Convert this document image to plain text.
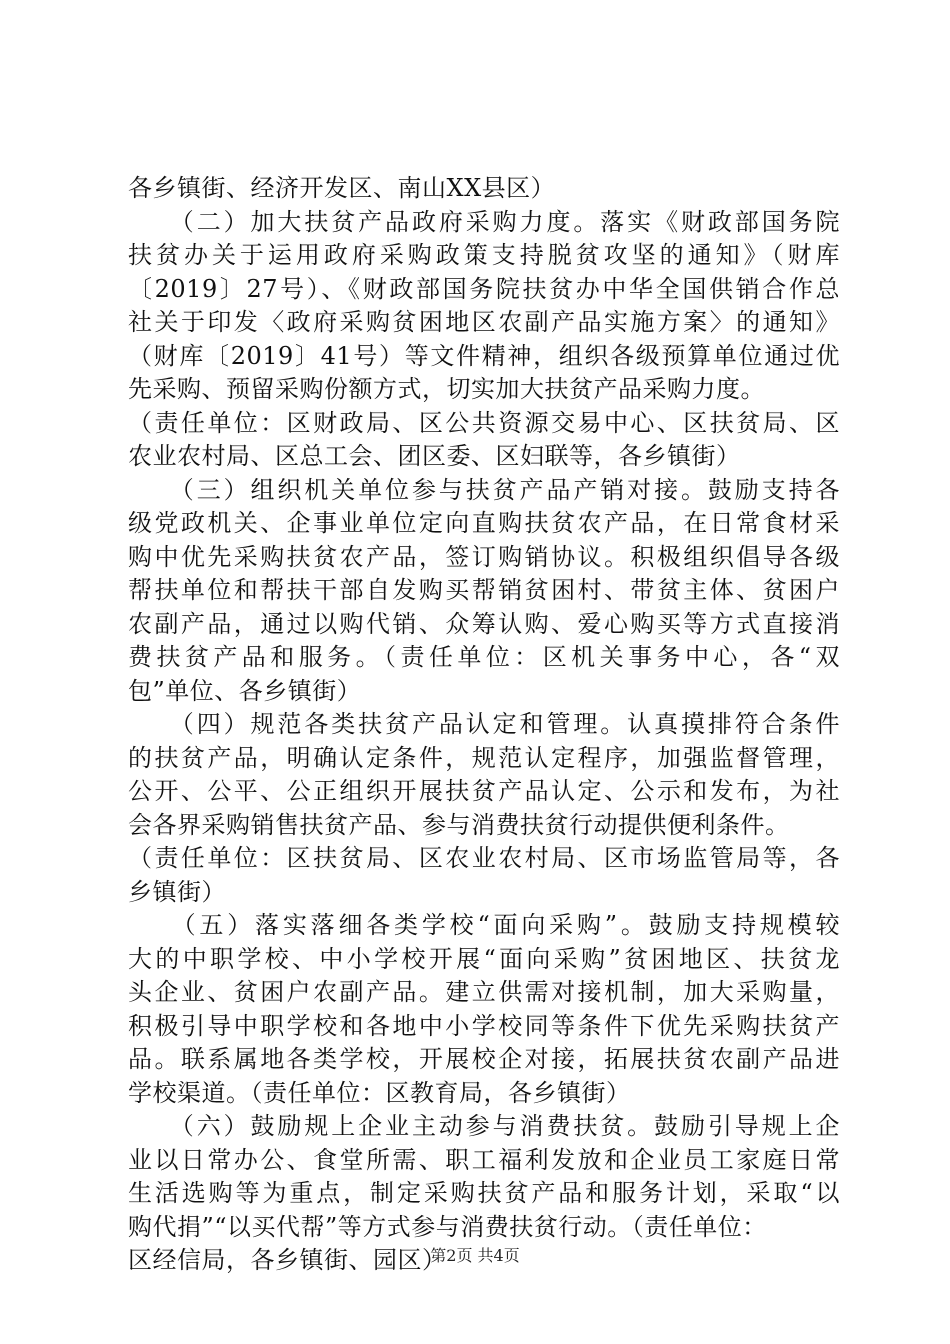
各乡镇街、经济开发区、南山XX县区）
　　（二）加大扶贫产品政府采购力度。落实《财政部国务院
扶贫办关于运用政府采购政策支持脱贫攻坚的通知》（财库
〔2019〕27号）、《财政部国务院扶贫办中华全国供销合作总
社关于印发〈政府采购贫困地区农副产品实施方案〉的通知》
（财库〔2019〕41号）等文件精神，组织各级预算单位通过优
先采购、预留采购份额方式，切实加大扶贫产品采购力度。
（责任单位：区财政局、区公共资源交易中心、区扶贫局、区
农业农村局、区总工会、团区委、区妇联等，各乡镇街）
　　（三）组织机关单位参与扶贫产品产销对接。鼓励支持各
级党政机关、企事业单位定向直购扶贫农产品，在日常食材采
购中优先采购扶贫农产品，签订购销协议。积极组织倡导各级
帮扶单位和帮扶干部自发购买帮销贫困村、带贫主体、贫困户
农副产品，通过以购代销、众筹认购、爱心购买等方式直接消
费扶贫产品和服务。（责任单位：区机关事务中心，各“双
包”单位、各乡镇街）
　　（四）规范各类扶贫产品认定和管理。认真摸排符合条件
的扶贫产品，明确认定条件，规范认定程序，加强监督管理，
公开、公平、公正组织开展扶贫产品认定、公示和发布，为社
会各界采购销售扶贫产品、参与消费扶贫行动提供便利条件。
（责任单位：区扶贫局、区农业农村局、区市场监管局等，各
乡镇街）
　　（五）落实落细各类学校“面向采购”。鼓励支持规模较
大的中职学校、中小学校开展“面向采购”贫困地区、扶贫龙
头企业、贫困户农副产品。建立供需对接机制，加大采购量，
积极引导中职学校和各地中小学校同等条件下优先采购扶贫产
品。联系属地各类学校，开展校企对接，拓展扶贫农副产品进
学校渠道。（责任单位：区教育局，各乡镇街）
　　（六）鼓励规上企业主动参与消费扶贫。鼓励引导规上企
业以日常办公、食堂所需、职工福利发放和企业员工家庭日常
生活选购等为重点，制定采购扶贫产品和服务计划，采取“以
购代捐”“以买代帮”等方式参与消费扶贫行动。（责任单位：
区经信局，各乡镇街、园区）
第2页 共4页
